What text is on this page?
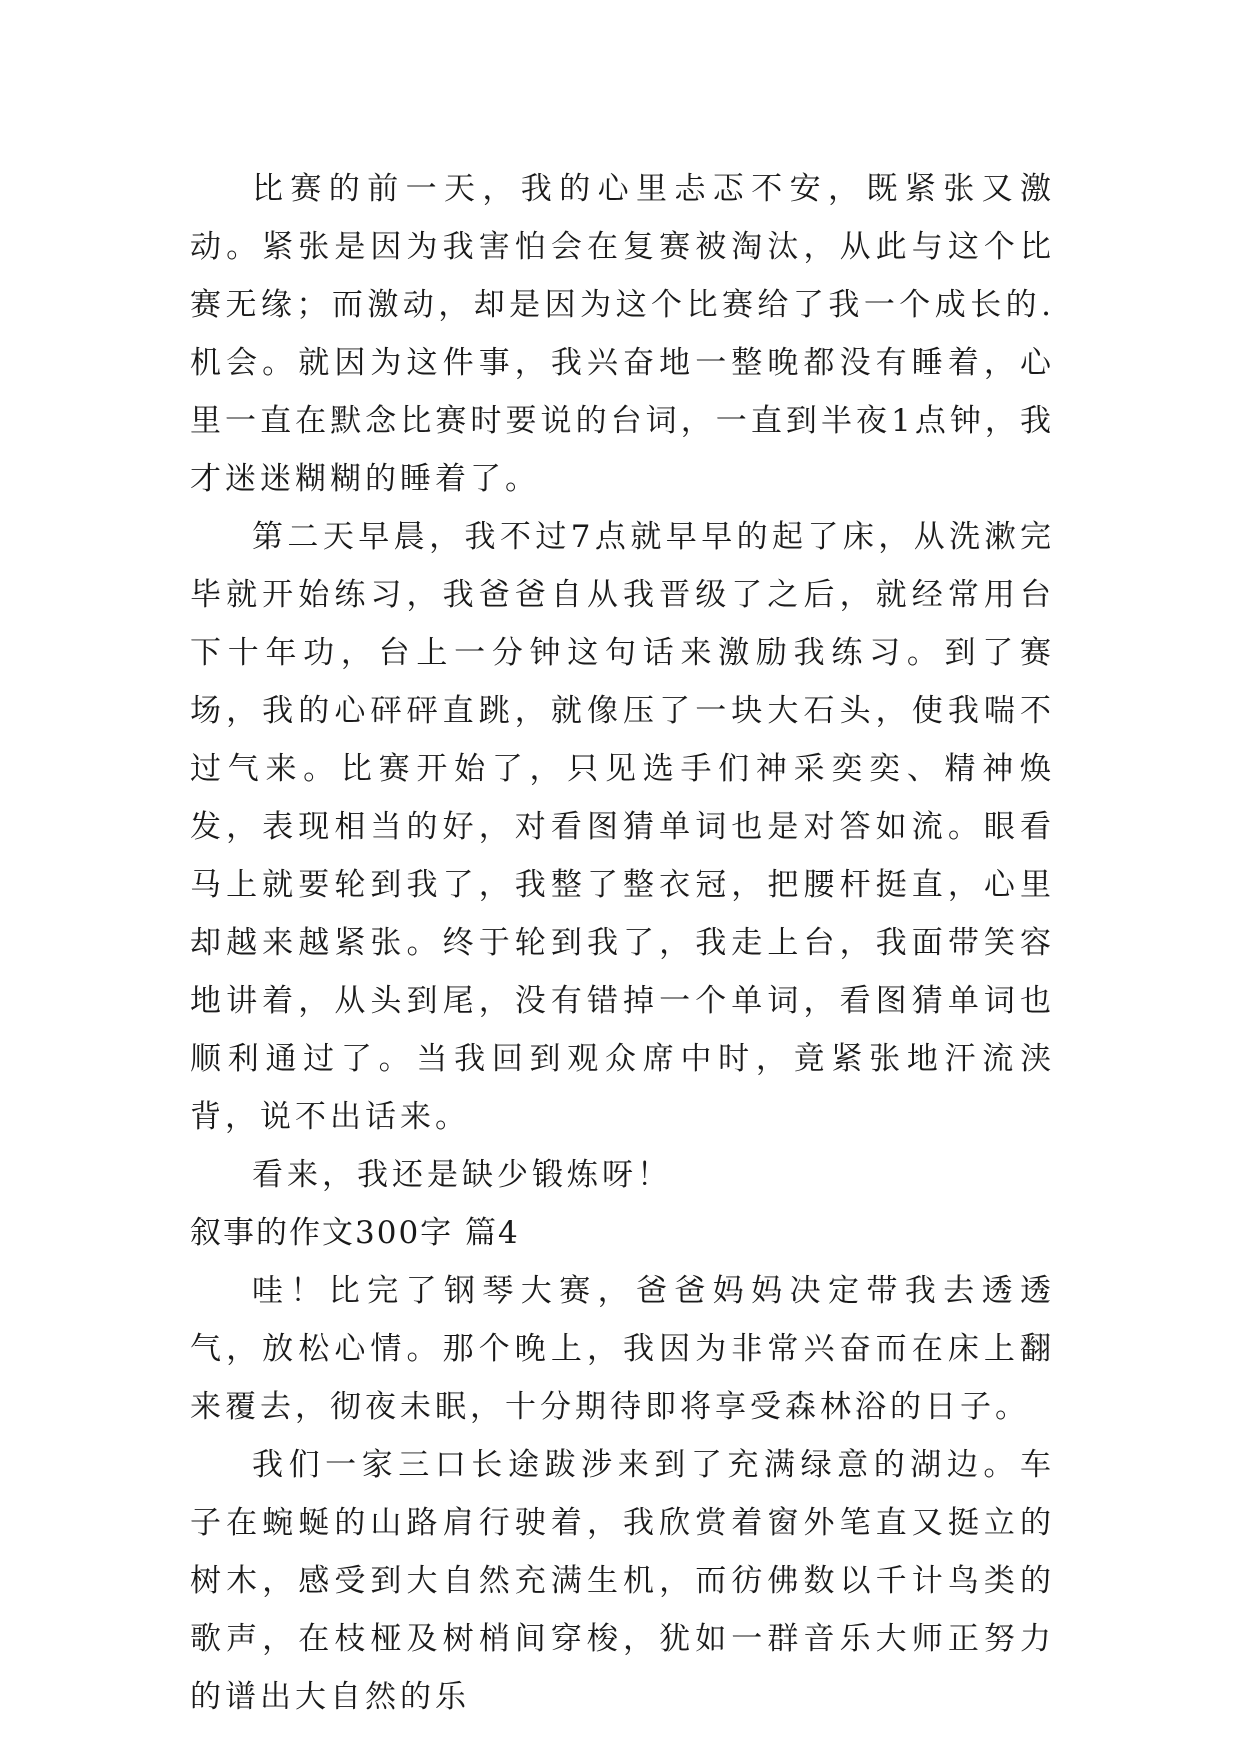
比赛的前一天，我的心里忐忑不安，既紧张又激动。紧张是因为我害怕会在复赛被淘汰，从此与这个比赛无缘；而激动，却是因为这个比赛给了我一个成长的.机会。就因为这件事，我兴奋地一整晚都没有睡着，心里一直在默念比赛时要说的台词，一直到半夜1点钟，我才迷迷糊糊的睡着了。

第二天早晨，我不过7点就早早的起了床，从洗漱完毕就开始练习，我爸爸自从我晋级了之后，就经常用台下十年功，台上一分钟这句话来激励我练习。到了赛场，我的心砰砰直跳，就像压了一块大石头，使我喘不过气来。比赛开始了，只见选手们神采奕奕、精神焕发，表现相当的好，对看图猜单词也是对答如流。眼看马上就要轮到我了，我整了整衣冠，把腰杆挺直，心里却越来越紧张。终于轮到我了，我走上台，我面带笑容地讲着，从头到尾，没有错掉一个单词，看图猜单词也顺利通过了。当我回到观众席中时，竟紧张地汗流浃背，说不出话来。

看来，我还是缺少锻炼呀！

叙事的作文300字 篇4

哇！比完了钢琴大赛，爸爸妈妈决定带我去透透气，放松心情。那个晚上，我因为非常兴奋而在床上翻来覆去，彻夜未眠，十分期待即将享受森林浴的日子。

我们一家三口长途跋涉来到了充满绿意的湖边。车子在蜿蜒的山路肩行驶着，我欣赏着窗外笔直又挺立的树木，感受到大自然充满生机，而彷佛数以千计鸟类的歌声，在枝桠及树梢间穿梭，犹如一群音乐大师正努力的谱出大自然的乐
